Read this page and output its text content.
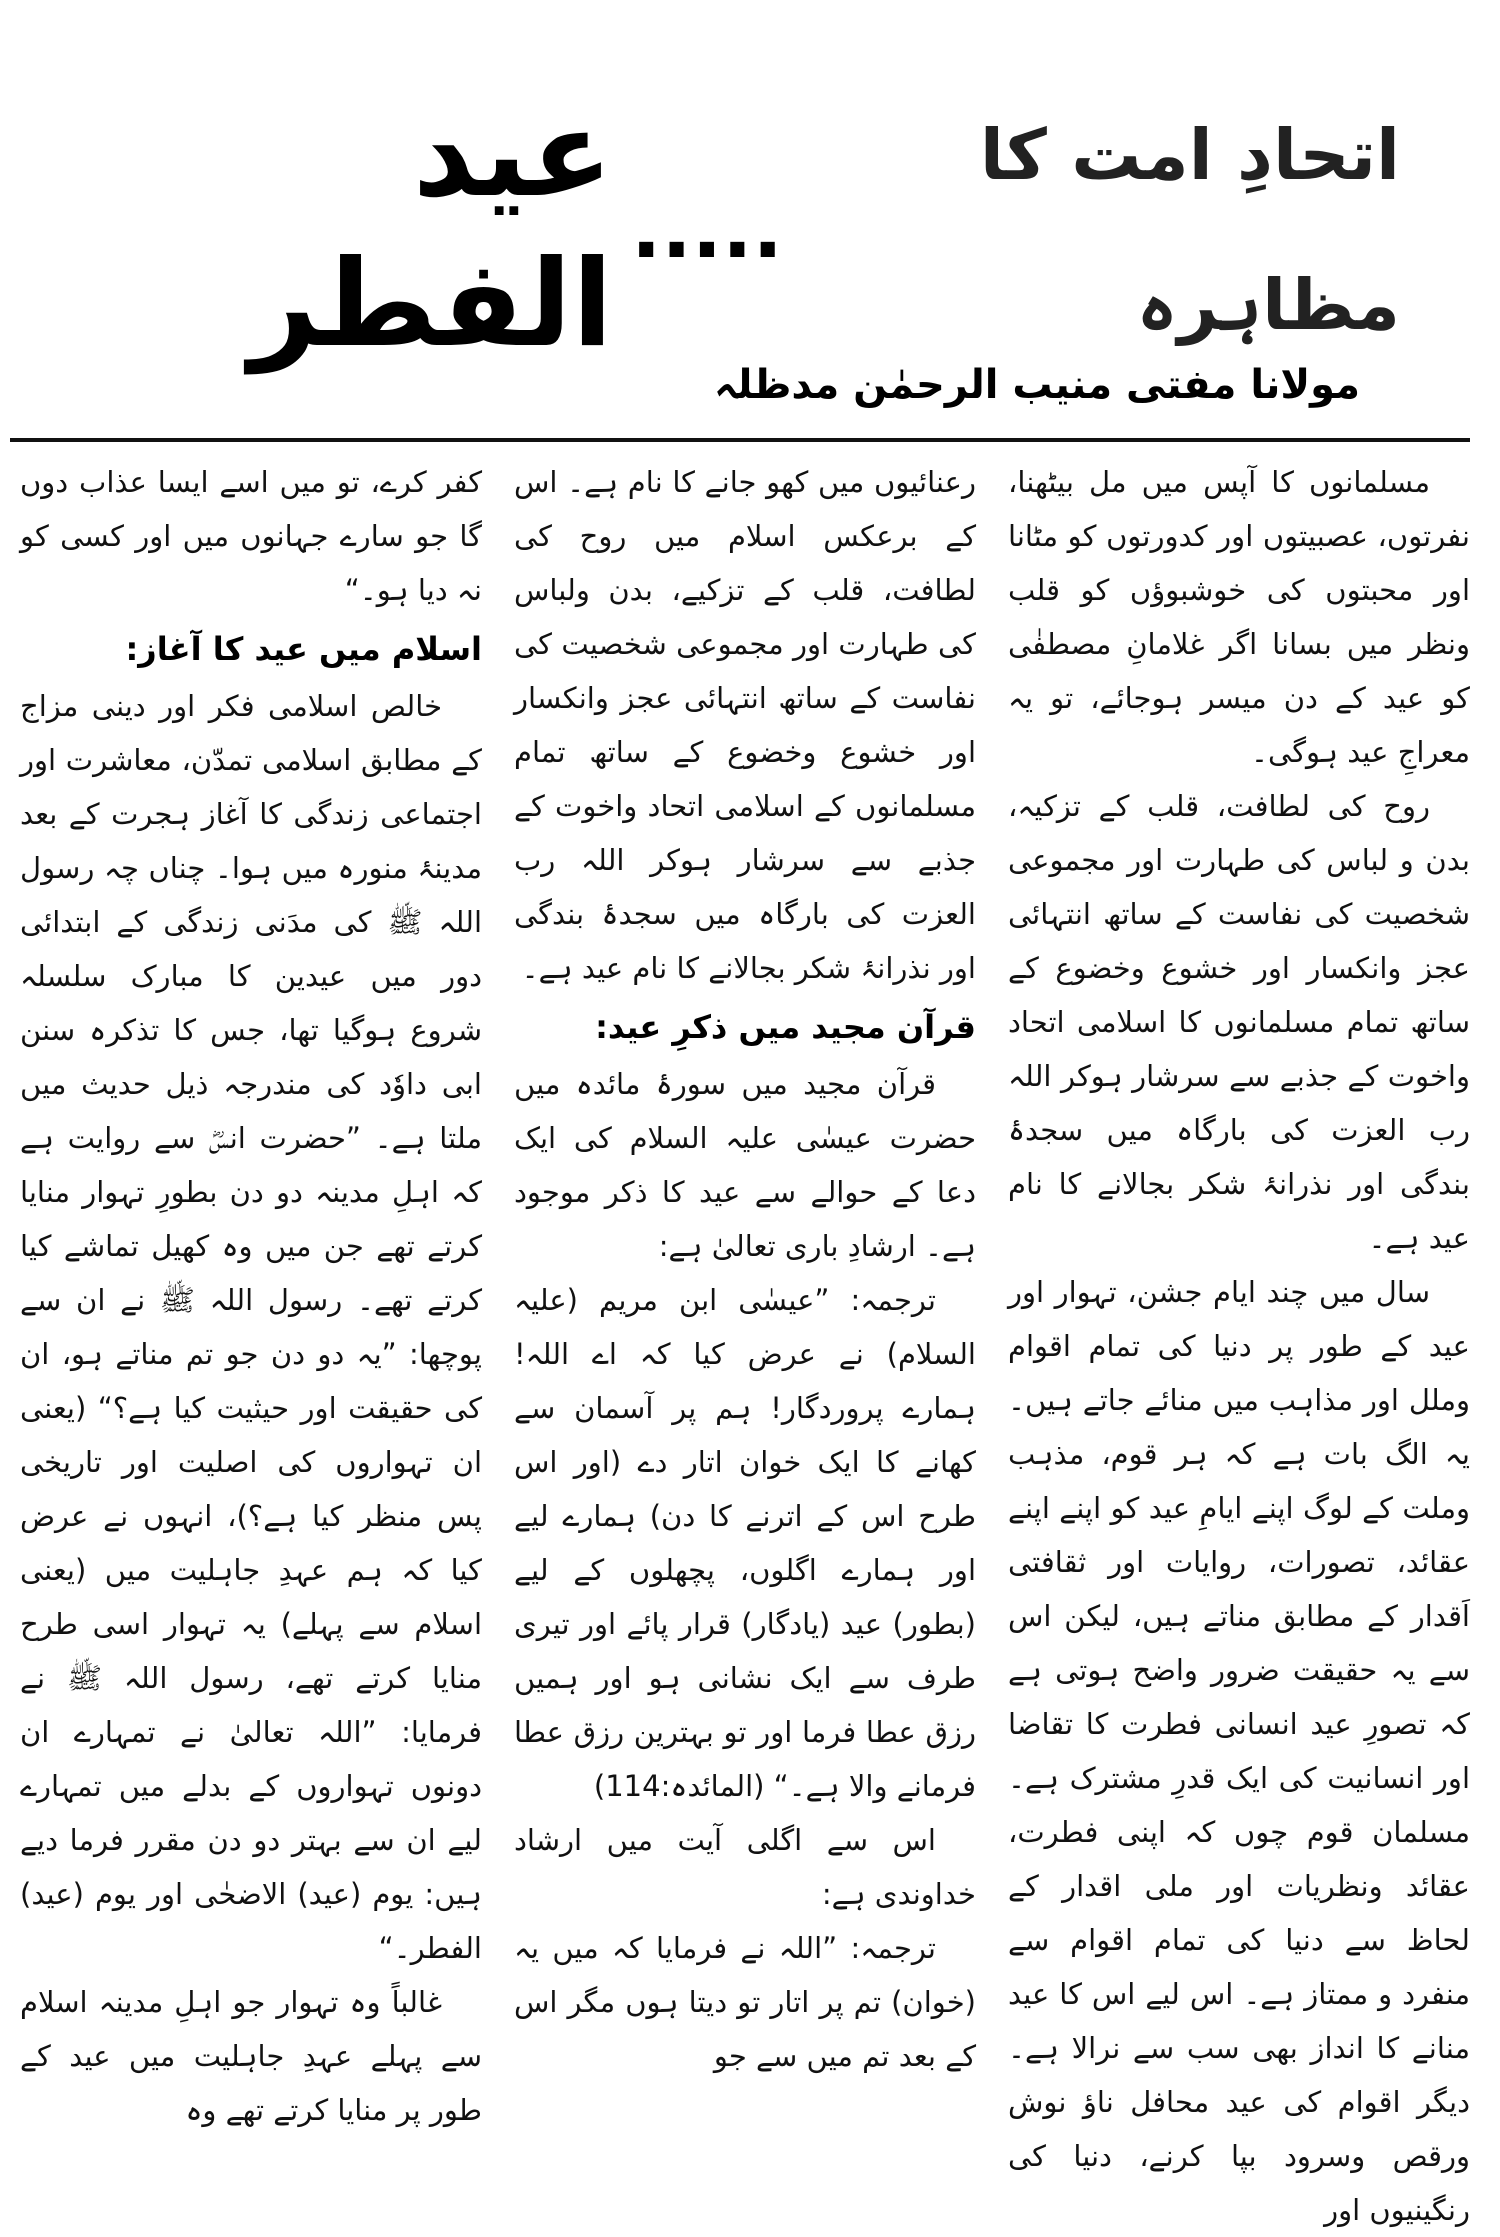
عید الفطر
.....
اتحادِ امت کا مظاہرہ
مولانا مفتی منیب الرحمٰن مدظلہ

مسلمانوں کا آپس میں مل بیٹھنا، نفرتوں، عصبیتوں اور کدورتوں کو مٹانا اور محبتوں کی خوشبوؤں کو قلب ونظر میں بسانا اگر غلامانِ مصطفٰی کو عید کے دن میسر ہوجائے، تو یہ معراجِ عید ہوگی۔

روح کی لطافت، قلب کے تزکیہ، بدن و لباس کی طہارت اور مجموعی شخصیت کی نفاست کے ساتھ انتہائی عجز وانکسار اور خشوع وخضوع کے ساتھ تمام مسلمانوں کا اسلامی اتحاد واخوت کے جذبے سے سرشار ہوکر اللہ رب العزت کی بارگاہ میں سجدۂ بندگی اور نذرانۂ شکر بجالانے کا نام عید ہے۔

سال میں چند ایام جشن، تہوار اور عید کے طور پر دنیا کی تمام اقوام وملل اور مذاہب میں منائے جاتے ہیں۔ یہ الگ بات ہے کہ ہر قوم، مذہب وملت کے لوگ اپنے ایامِ عید کو اپنے اپنے عقائد، تصورات، روایات اور ثقافتی اَقدار کے مطابق مناتے ہیں، لیکن اس سے یہ حقیقت ضرور واضح ہوتی ہے کہ تصورِ عید انسانی فطرت کا تقاضا اور انسانیت کی ایک قدرِ مشترک ہے۔ مسلمان قوم چوں کہ اپنی فطرت، عقائد ونظریات اور ملی اقدار کے لحاظ سے دنیا کی تمام اقوام سے منفرد و ممتاز ہے۔ اس لیے اس کا عید منانے کا انداز بھی سب سے نرالا ہے۔ دیگر اقوام کی عید محافل ناؤ نوش ورقص وسرود بپا کرنے، دنیا کی رنگینیوں اور

رعنائیوں میں کھو جانے کا نام ہے۔ اس کے برعکس اسلام میں روح کی لطافت، قلب کے تزکیے، بدن ولباس کی طہارت اور مجموعی شخصیت کی نفاست کے ساتھ انتہائی عجز وانکسار اور خشوع وخضوع کے ساتھ تمام مسلمانوں کے اسلامی اتحاد واخوت کے جذبے سے سرشار ہوکر اللہ رب العزت کی بارگاہ میں سجدۂ بندگی اور نذرانۂ شکر بجالانے کا نام عید ہے۔

قرآن مجید میں ذکرِ عید:

قرآن مجید میں سورۂ مائدہ میں حضرت عیسٰی علیہ السلام کی ایک دعا کے حوالے سے عید کا ذکر موجود ہے۔ ارشادِ باری تعالیٰ ہے:

ترجمہ: ”عیسٰی ابن مریم (علیہ السلام) نے عرض کیا کہ اے اللہ! ہمارے پروردگار! ہم پر آسمان سے کھانے کا ایک خوان اتار دے (اور اس طرح اس کے اترنے کا دن) ہمارے لیے اور ہمارے اگلوں، پچھلوں کے لیے (بطور) عید (یادگار) قرار پائے اور تیری طرف سے ایک نشانی ہو اور ہمیں رزق عطا فرما اور تو بہترین رزق عطا فرمانے والا ہے۔“ (المائدہ:114)

اس سے اگلی آیت میں ارشاد خداوندی ہے:

ترجمہ: ”اللہ نے فرمایا کہ میں یہ (خوان) تم پر اتار تو دیتا ہوں مگر اس کے بعد تم میں سے جو

کفر کرے، تو میں اسے ایسا عذاب دوں گا جو سارے جہانوں میں اور کسی کو نہ دیا ہو۔“

اسلام میں عید کا آغاز:

خالص اسلامی فکر اور دینی مزاج کے مطابق اسلامی تمدّن، معاشرت اور اجتماعی زندگی کا آغاز ہجرت کے بعد مدینۂ منورہ میں ہوا۔ چناں چہ رسول اللہ ﷺ کی مدَنی زندگی کے ابتدائی دور میں عیدین کا مبارک سلسلہ شروع ہوگیا تھا، جس کا تذکرہ سنن ابی داوٗد کی مندرجہ ذیل حدیث میں ملتا ہے۔ ”حضرت انسؓ سے روایت ہے کہ اہلِ مدینہ دو دن بطورِ تہوار منایا کرتے تھے جن میں وہ کھیل تماشے کیا کرتے تھے۔ رسول اللہ ﷺ نے ان سے پوچھا: ”یہ دو دن جو تم مناتے ہو، ان کی حقیقت اور حیثیت کیا ہے؟“ (یعنی ان تہواروں کی اصلیت اور تاریخی پس منظر کیا ہے؟)، انہوں نے عرض کیا کہ ہم عہدِ جاہلیت میں (یعنی اسلام سے پہلے) یہ تہوار اسی طرح منایا کرتے تھے، رسول اللہ ﷺ نے فرمایا: ”اللہ تعالیٰ نے تمہارے ان دونوں تہواروں کے بدلے میں تمہارے لیے ان سے بہتر دو دن مقرر فرما دیے ہیں: یوم (عید) الاضحٰی اور یوم (عید) الفطر۔“

غالباً وہ تہوار جو اہلِ مدینہ اسلام سے پہلے عہدِ جاہلیت میں عید کے طور پر منایا کرتے تھے وہ
